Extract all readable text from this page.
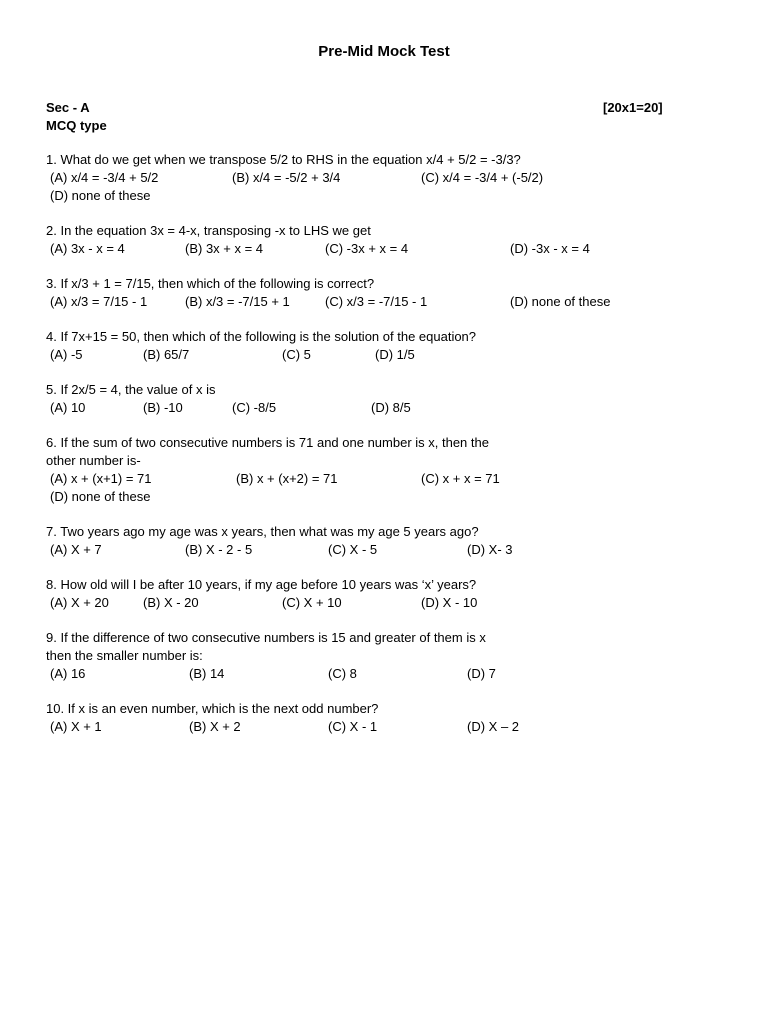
Pre-Mid Mock Test
Sec - A	[20x1=20]
MCQ type
1. What do we get when we transpose 5/2 to RHS in the equation x/4 + 5/2 = -3/3?
(A) x/4 = -3/4 + 5/2	(B) x/4 = -5/2 + 3/4	(C) x/4 = -3/4 + (-5/2)
(D) none of these
2. In the equation 3x = 4-x, transposing -x to LHS we get
(A) 3x - x = 4	(B) 3x + x = 4	(C) -3x + x = 4	(D) -3x - x = 4
3. If x/3 + 1 = 7/15, then which of the following is correct?
(A) x/3 = 7/15 - 1	(B) x/3 = -7/15 + 1	(C) x/3 = -7/15 - 1	(D) none of these
4. If 7x+15 = 50, then which of the following is the solution of the equation?
(A) -5	(B) 65/7	(C) 5	(D) 1/5
5. If 2x/5 = 4, the value of x is
(A) 10	(B) -10	(C) -8/5	(D) 8/5
6. If the sum of two consecutive numbers is 71 and one number is x, then the
other number is-
(A) x + (x+1) = 71	(B) x + (x+2) = 71	(C) x + x = 71
(D) none of these
7. Two years ago my age was x years, then what was my age 5 years ago?
(A) X + 7	(B) X - 2 - 5	(C) X - 5	(D) X- 3
8. How old will I be after 10 years, if my age before 10 years was ‘x’ years?
(A) X + 20	(B) X - 20	(C) X + 10	(D) X - 10
9. If the difference of two consecutive numbers is 15 and greater of them is x
then the smaller number is:
(A) 16	(B) 14	(C) 8	(D) 7
10. If x is an even number, which is the next odd number?
(A) X + 1	(B) X + 2	(C) X - 1	(D) X – 2
